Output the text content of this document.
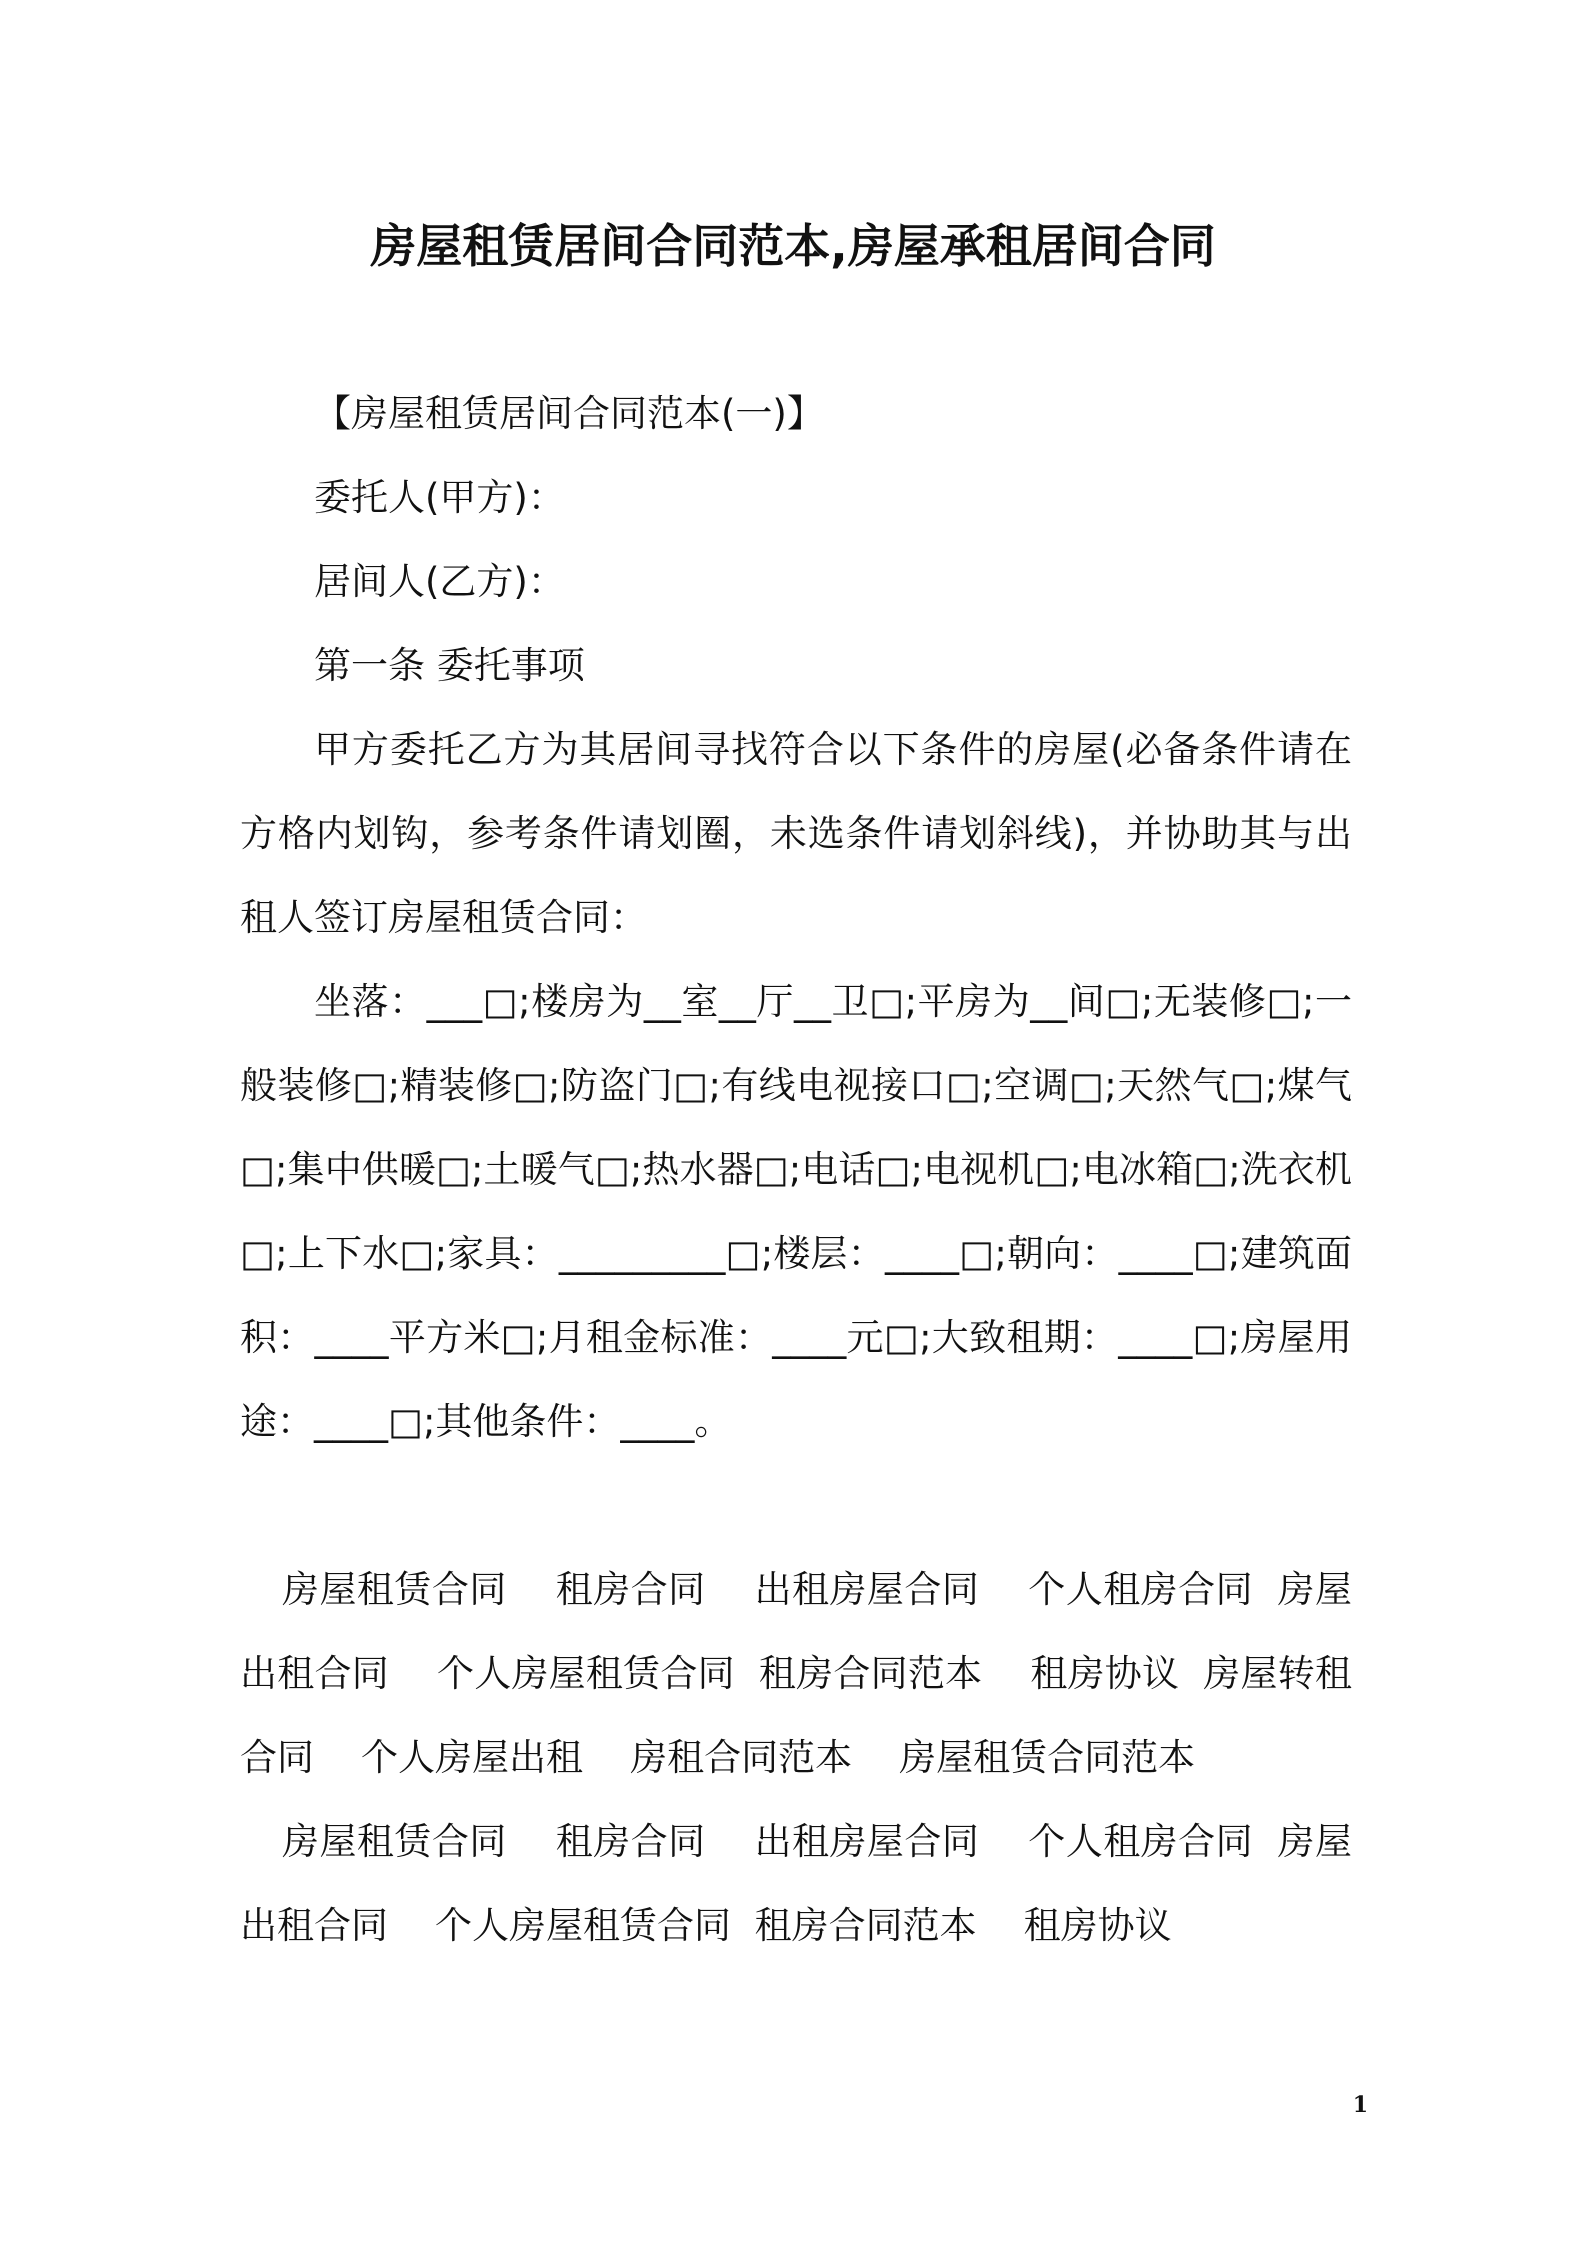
房屋租赁居间合同范本,房屋承租居间合同

【房屋租赁居间合同范本(一)】

委托人(甲方)：

居间人(乙方)：

第一条 委托事项

甲方委托乙方为其居间寻找符合以下条件的房屋(必备条件请在方格内划钩，参考条件请划圈，未选条件请划斜线)，并协助其与出租人签订房屋租赁合同：

坐落：___□;楼房为__室__厅__卫□;平房为__间□;无装修□;一般装修□;精装修□;防盗门□;有线电视接口□;空调□;天然气□;煤气□;集中供暖□;土暖气□;热水器□;电话□;电视机□;电冰箱□;洗衣机□;上下水□;家具：_________□;楼层：____□;朝向：____□;建筑面积：____平方米□;月租金标准：____元□;大致租期：____□;房屋用途：____□;其他条件：____。

房屋租赁合同    租房合同    出租房屋合同    个人租房合同  房屋出租合同    个人房屋租赁合同  租房合同范本    租房协议  房屋转租合同    个人房屋出租    房租合同范本    房屋租赁合同范本

房屋租赁合同    租房合同    出租房屋合同    个人租房合同  房屋出租合同    个人房屋租赁合同  租房合同范本    租房协议

1
